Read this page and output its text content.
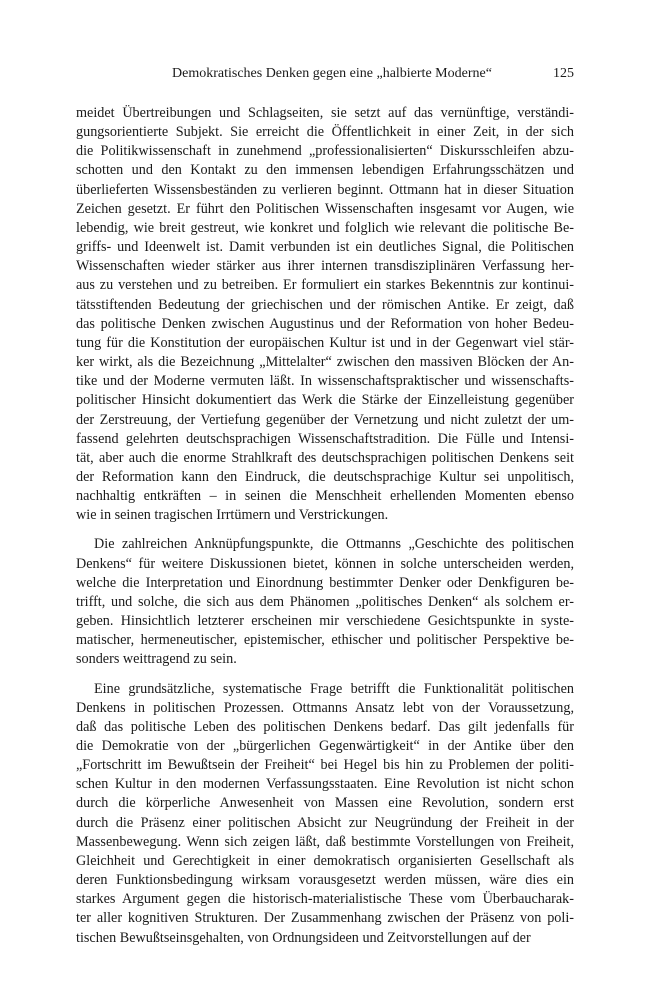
Demokratisches Denken gegen eine „halbierte Moderne“	125
meidet Übertreibungen und Schlagseiten, sie setzt auf das vernünftige, verständi-
gungsorientierte Subjekt. Sie erreicht die Öffentlichkeit in einer Zeit, in der sich
die Politikwissenschaft in zunehmend „professionalisierten“ Diskursschleifen abzu-
schotten und den Kontakt zu den immensen lebendigen Erfahrungsschätzen und
überlieferten Wissensbeständen zu verlieren beginnt. Ottmann hat in dieser Situation
Zeichen gesetzt. Er führt den Politischen Wissenschaften insgesamt vor Augen, wie
lebendig, wie breit gestreut, wie konkret und folglich wie relevant die politische Be-
griffs- und Ideenwelt ist. Damit verbunden ist ein deutliches Signal, die Politischen
Wissenschaften wieder stärker aus ihrer internen transdisziplinären Verfassung her-
aus zu verstehen und zu betreiben. Er formuliert ein starkes Bekenntnis zur kontinui-
tätsstiftenden Bedeutung der griechischen und der römischen Antike. Er zeigt, daß
das politische Denken zwischen Augustinus und der Reformation von hoher Bedeu-
tung für die Konstitution der europäischen Kultur ist und in der Gegenwart viel stär-
ker wirkt, als die Bezeichnung „Mittelalter“ zwischen den massiven Blöcken der An-
tike und der Moderne vermuten läßt. In wissenschaftspraktischer und wissenschafts-
politischer Hinsicht dokumentiert das Werk die Stärke der Einzelleistung gegenüber
der Zerstreuung, der Vertiefung gegenüber der Vernetzung und nicht zuletzt der um-
fassend gelehrten deutschsprachigen Wissenschaftstradition. Die Fülle und Intensi-
tät, aber auch die enorme Strahlkraft des deutschsprachigen politischen Denkens seit
der Reformation kann den Eindruck, die deutschsprachige Kultur sei unpolitisch,
nachhaltig entkräften – in seinen die Menschheit erhellenden Momenten ebenso
wie in seinen tragischen Irrtümern und Verstrickungen.
Die zahlreichen Anknüpfungspunkte, die Ottmanns „Geschichte des politischen
Denkens“ für weitere Diskussionen bietet, können in solche unterscheiden werden,
welche die Interpretation und Einordnung bestimmter Denker oder Denkfiguren be-
trifft, und solche, die sich aus dem Phänomen „politisches Denken“ als solchem er-
geben. Hinsichtlich letzterer erscheinen mir verschiedene Gesichtspunkte in syste-
matischer, hermeneutischer, epistemischer, ethischer und politischer Perspektive be-
sonders weittragend zu sein.
Eine grundsätzliche, systematische Frage betrifft die Funktionalität politischen
Denkens in politischen Prozessen. Ottmanns Ansatz lebt von der Voraussetzung,
daß das politische Leben des politischen Denkens bedarf. Das gilt jedenfalls für
die Demokratie von der „bürgerlichen Gegenwärtigkeit“ in der Antike über den
„Fortschritt im Bewußtsein der Freiheit“ bei Hegel bis hin zu Problemen der politi-
schen Kultur in den modernen Verfassungsstaaten. Eine Revolution ist nicht schon
durch die körperliche Anwesenheit von Massen eine Revolution, sondern erst
durch die Präsenz einer politischen Absicht zur Neugründung der Freiheit in der
Massenbewegung. Wenn sich zeigen läßt, daß bestimmte Vorstellungen von Freiheit,
Gleichheit und Gerechtigkeit in einer demokratisch organisierten Gesellschaft als
deren Funktionsbedingung wirksam vorausgesetzt werden müssen, wäre dies ein
starkes Argument gegen die historisch-materialistische These vom Überbaucharak-
ter aller kognitiven Strukturen. Der Zusammenhang zwischen der Präsenz von poli-
tischen Bewußtseinsgehalten, von Ordnungsideen und Zeitvorstellungen auf der
